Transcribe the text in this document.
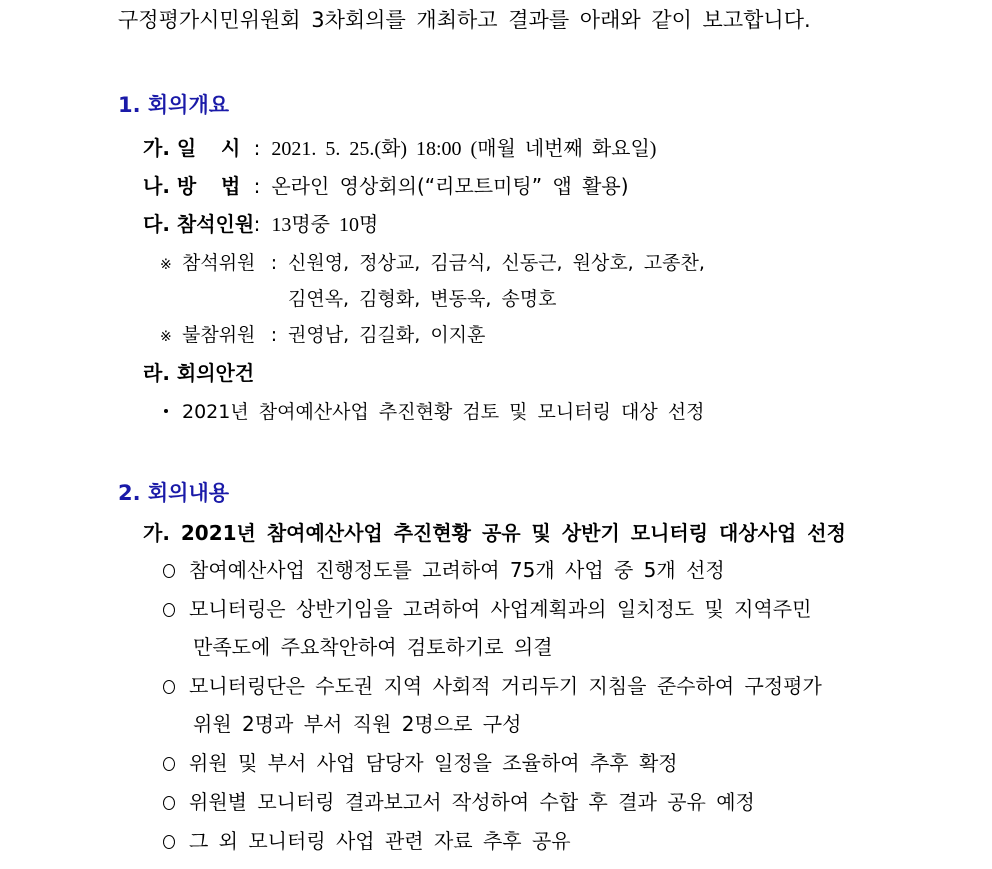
구정평가시민위원회 3차회의를 개최하고 결과를 아래와 같이 보고합니다.
1. 회의개요
가. 일 시 : 2021. 5. 25.(화) 18:00 (매월 네번째 화요일)
나. 방 법 : 온라인 영상회의(“리모트미팅” 앱 활용)
다. 참석인원: 13명중 10명
※ 참석위원 : 신원영, 정상교, 김금식, 신동근, 원상호, 고종찬,
김연옥, 김형화, 변동욱, 송명호
※ 불참위원 : 권영남, 김길화, 이지훈
라. 회의안건
2021년 참여예산사업 추진현황 검토 및 모니터링 대상 선정
2. 회의내용
가. 2021년 참여예산사업 추진현황 공유 및 상반기 모니터링 대상사업 선정
참여예산사업 진행정도를 고려하여 75개 사업 중 5개 선정
모니터링은 상반기임을 고려하여 사업계획과의 일치정도 및 지역주민
만족도에 주요착안하여 검토하기로 의결
모니터링단은 수도권 지역 사회적 거리두기 지침을 준수하여 구정평가
위원 2명과 부서 직원 2명으로 구성
위원 및 부서 사업 담당자 일정을 조율하여 추후 확정
위원별 모니터링 결과보고서 작성하여 수합 후 결과 공유 예정
그 외 모니터링 사업 관련 자료 추후 공유
